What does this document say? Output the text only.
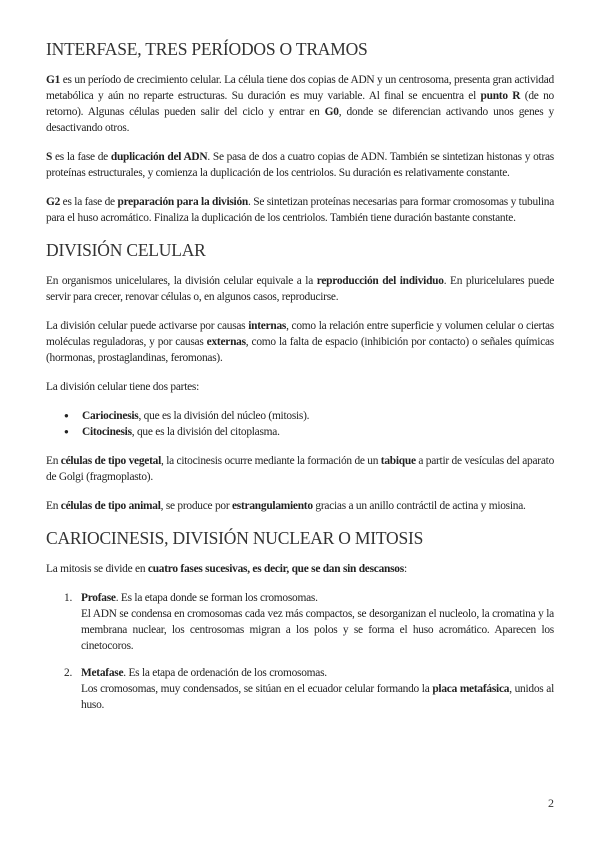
INTERFASE, TRES PERÍODOS O TRAMOS

G1 es un período de crecimiento celular. La célula tiene dos copias de ADN y un centrosoma, presenta gran actividad metabólica y aún no reparte estructuras. Su duración es muy variable. Al final se encuentra el punto R (de no retorno). Algunas células pueden salir del ciclo y entrar en G0, donde se diferencian activando unos genes y desactivando otros.

S es la fase de duplicación del ADN. Se pasa de dos a cuatro copias de ADN. También se sintetizan histonas y otras proteínas estructurales, y comienza la duplicación de los centriolos. Su duración es relativamente constante.

G2 es la fase de preparación para la división. Se sintetizan proteínas necesarias para formar cromosomas y tubulina para el huso acromático. Finaliza la duplicación de los centriolos. También tiene duración bastante constante.

DIVISIÓN CELULAR

En organismos unicelulares, la división celular equivale a la reproducción del individuo. En pluricelulares puede servir para crecer, renovar células o, en algunos casos, reproducirse.

La división celular puede activarse por causas internas, como la relación entre superficie y volumen celular o ciertas moléculas reguladoras, y por causas externas, como la falta de espacio (inhibición por contacto) o señales químicas (hormonas, prostaglandinas, feromonas).

La división celular tiene dos partes:

● Cariocinesis, que es la división del núcleo (mitosis).
● Citocinesis, que es la división del citoplasma.

En células de tipo vegetal, la citocinesis ocurre mediante la formación de un tabique a partir de vesículas del aparato de Golgi (fragmoplasto).

En células de tipo animal, se produce por estrangulamiento gracias a un anillo contráctil de actina y miosina.

CARIOCINESIS, DIVISIÓN NUCLEAR O MITOSIS

La mitosis se divide en cuatro fases sucesivas, es decir, que se dan sin descansos:

1. Profase. Es la etapa donde se forman los cromosomas.
El ADN se condensa en cromosomas cada vez más compactos, se desorganizan el nucleolo, la cromatina y la membrana nuclear, los centrosomas migran a los polos y se forma el huso acromático. Aparecen los cinetocoros.
2. Metafase. Es la etapa de ordenación de los cromosomas.
Los cromosomas, muy condensados, se sitúan en el ecuador celular formando la placa metafásica, unidos al huso.
2
